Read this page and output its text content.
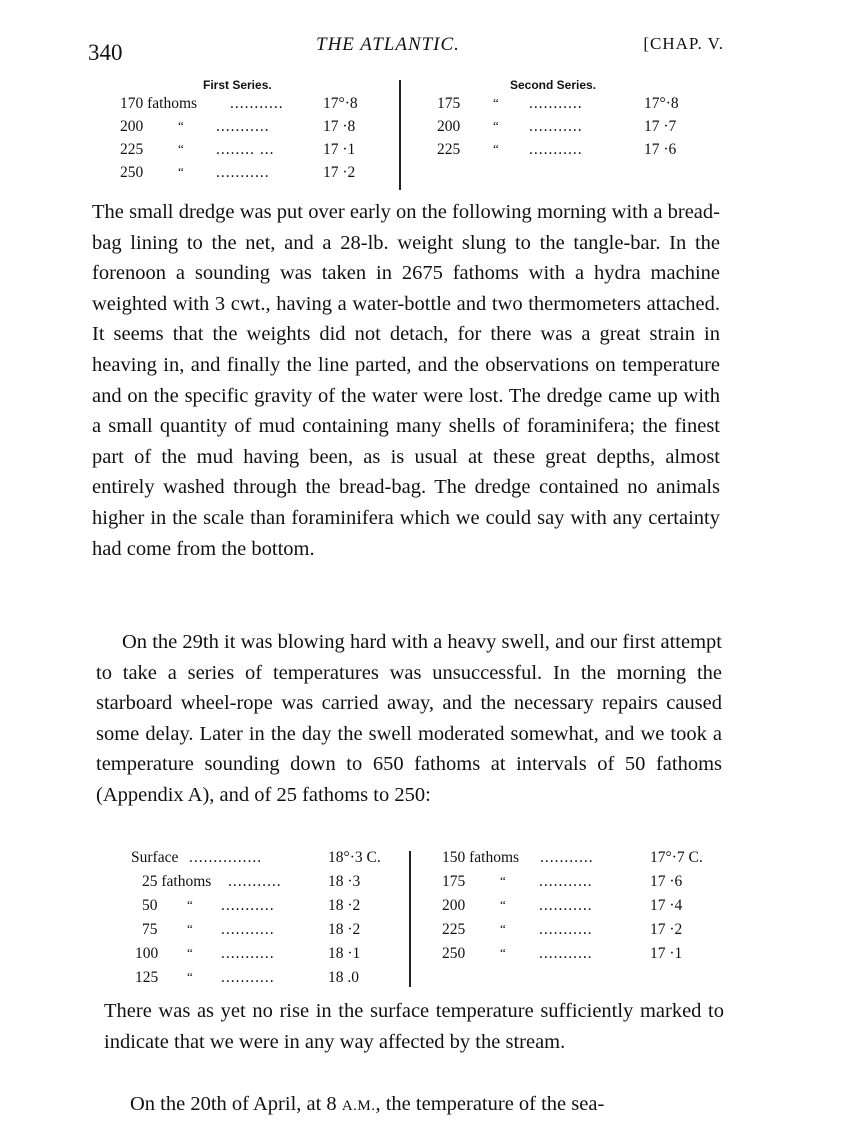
340	THE ATLANTIC.	[CHAP. V.
First Series.
170 fathoms ...........	17°·8
200	“ ...........	17 ·8
225	“ ........ ...	17 ·1
250	“ ...........	17 ·2
Second Series.
175	“ ...........	17°·8
200	“ ...........	17 ·7
225	“ ...........	17 ·6

The small dredge was put over early on the following morning with a bread-bag lining to the net, and a 28-lb. weight slung to the tangle-bar. In the forenoon a sounding was taken in 2675 fathoms with a hydra machine weighted with 3 cwt., having a water-bottle and two thermometers attached. It seems that the weights did not detach, for there was a great strain in heaving in, and finally the line parted, and the observations on temperature and on the specific gravity of the water were lost. The dredge came up with a small quantity of mud containing many shells of foraminifera; the finest part of the mud having been, as is usual at these great depths, almost entirely washed through the bread-bag. The dredge contained no animals higher in the scale than foraminifera which we could say with any certainty had come from the bottom.

On the 29th it was blowing hard with a heavy swell, and our first attempt to take a series of temperatures was unsuccessful. In the morning the starboard wheel-rope was carried away, and the necessary repairs caused some delay. Later in the day the swell moderated somewhat, and we took a temperature sounding down to 650 fathoms at intervals of 50 fathoms (Appendix A), and of 25 fathoms to 250:

Surface ...............	18°·3 C.
25 fathoms ...........	18 ·3
50 “ ...........	18 ·2
75 “ ...........	18 ·2
100 “ ...........	18 ·1
125 “ ...........	18 .0
150 fathoms ...........	17°·7 C.
175	“ ...........	17 ·6
200	“ ...........	17 ·4
225	“ ...........	17 ·2
250	“ ...........	17 ·1

There was as yet no rise in the surface temperature sufficiently marked to indicate that we were in any way affected by the stream.

On the 20th of April, at 8 A.M., the temperature of the sea-
